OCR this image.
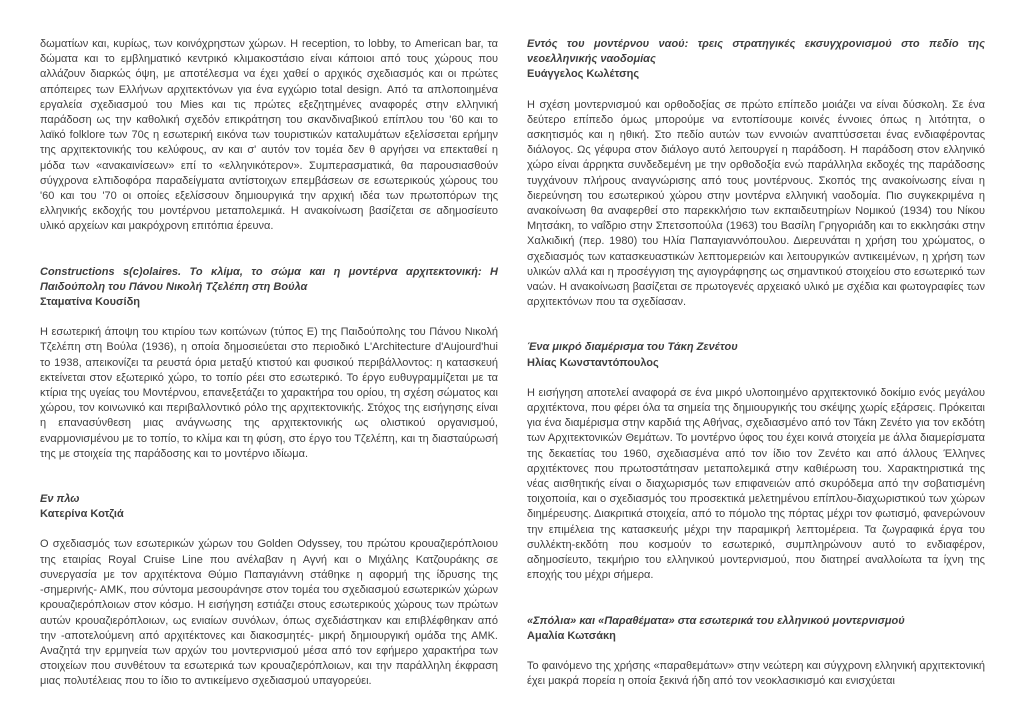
δωματίων και, κυρίως, των κοινόχρηστων χώρων. Η reception, το lobby, το American bar, τα δώματα και το εμβληματικό κεντρικό κλιμακοστάσιο είναι κάποιοι από τους χώρους που αλλάζουν διαρκώς όψη, με αποτέλεσμα να έχει χαθεί ο αρχικός σχεδιασμός και οι πρώτες απόπειρες των Ελλήνων αρχιτεκτόνων για ένα εγχώριο total design. Από τα απλοποιημένα εργαλεία σχεδιασμού του Mies και τις πρώτες εξεζητημένες αναφορές στην ελληνική παράδοση ως την καθολική σχεδόν επικράτηση του σκανδιναβικού επίπλου του '60 και το λαϊκό folklore των 70ς η εσωτερική εικόνα των τουριστικών καταλυμάτων εξελίσσεται ερήμην της αρχιτεκτονικής του κελύφους, αν και σ' αυτόν τον τομέα δεν θ αργήσει να επεκταθεί η μόδα των «ανακαινίσεων» επί το «ελληνικότερον». Συμπερασματικά, θα παρουσιασθούν σύγχρονα ελπιδοφόρα παραδείγματα αντίστοιχων επεμβάσεων σε εσωτερικούς χώρους του '60 και του '70 οι οποίες εξελίσσουν δημιουργικά την αρχική ιδέα των πρωτοπόρων της ελληνικής εκδοχής του μοντέρνου μεταπολεμικά. Η ανακοίνωση βασίζεται σε αδημοσίευτο υλικό αρχείων και μακρόχρονη επιτόπια έρευνα.

Constructions s(c)olaires. Το κλίμα, το σώμα και η μοντέρνα αρχιτεκτονική: Η Παιδούπολη του Πάνου Νικολή Τζελέπη στη Βούλα
Σταματίνα Κουσίδη

Η εσωτερική άποψη του κτιρίου των κοιτώνων (τύπος Ε) της Παιδούπολης του Πάνου Νικολή Τζελέπη στη Βούλα (1936), η οποία δημοσιεύεται στο περιοδικό L'Architecture d'Aujourd'hui το 1938, απεικονίζει τα ρευστά όρια μεταξύ κτιστού και φυσικού περιβάλλοντος: η κατασκευή εκτείνεται στον εξωτερικό χώρο, το τοπίο ρέει στο εσωτερικό. Το έργο ευθυγραμμίζεται με τα κτίρια της υγείας του Μοντέρνου, επανεξετάζει το χαρακτήρα του ορίου, τη σχέση σώματος και χώρου, τον κοινωνικό και περιβαλλοντικό ρόλο της αρχιτεκτονικής. Στόχος της εισήγησης είναι η επανασύνθεση μιας ανάγνωσης της αρχιτεκτονικής ως ολιστικού οργανισμού, εναρμονισμένου με το τοπίο, το κλίμα και τη φύση, στο έργο του Τζελέπη, και τη διασταύρωσή της με στοιχεία της παράδοσης και το μοντέρνο ιδίωμα.

Εν πλω
Κατερίνα Κοτζιά

Ο σχεδιασμός των εσωτερικών χώρων του Golden Odyssey, του πρώτου κρουαζιερόπλοιου της εταιρίας Royal Cruise Line που ανέλαβαν η Αγνή και ο Μιχάλης Κατζουράκης σε συνεργασία με τον αρχιτέκτονα Θύμιο Παπαγιάννη στάθηκε η αφορμή της ίδρυσης της -σημερινής- ΑΜΚ, που σύντομα μεσουράνησε στον τομέα του σχεδιασμού εσωτερικών χώρων κρουαζιερόπλοιων στον κόσμο. Η εισήγηση εστιάζει στους εσωτερικούς χώρους των πρώτων αυτών κρουαζιερόπλοιων, ως ενιαίων συνόλων, όπως σχεδιάστηκαν και επιβλέφθηκαν από την -αποτελούμενη από αρχιτέκτονες και διακοσμητές- μικρή δημιουργική ομάδα της ΑΜΚ. Αναζητά την ερμηνεία των αρχών του μοντερνισμού μέσα από τον εφήμερο χαρακτήρα των στοιχείων που συνθέτουν τα εσωτερικά των κρουαζιερόπλοιων, και την παράλληλη έκφραση μιας πολυτέλειας που το ίδιο το αντικείμενο σχεδιασμού υπαγορεύει.

Εντός του μοντέρνου ναού: τρεις στρατηγικές εκσυγχρονισμού στο πεδίο της νεοελληνικής ναοδομίας
Ευάγγελος Κωλέτσης

Η σχέση μοντερνισμού και ορθοδοξίας σε πρώτο επίπεδο μοιάζει να είναι δύσκολη. Σε ένα δεύτερο επίπεδο όμως μπορούμε να εντοπίσουμε κοινές έννοιες όπως η λιτότητα, ο ασκητισμός και η ηθική. Στο πεδίο αυτών των εννοιών αναπτύσσεται ένας ενδιαφέροντας διάλογος. Ως γέφυρα στον διάλογο αυτό λειτουργεί η παράδοση. Η παράδοση στον ελληνικό χώρο είναι άρρηκτα συνδεδεμένη με την ορθοδοξία ενώ παράλληλα εκδοχές της παράδοσης τυγχάνουν πλήρους αναγνώρισης από τους μοντέρνους. Σκοπός της ανακοίνωσης είναι η διερεύνηση του εσωτερικού χώρου στην μοντέρνα ελληνική ναοδομία. Πιο συγκεκριμένα η ανακοίνωση θα αναφερθεί στο παρεκκλήσιο των εκπαιδευτηρίων Νομικού (1934) του Νίκου Μητσάκη, το ναΐδριο στην Σπετσοπούλα (1963) του Βασίλη Γρηγοριάδη και το εκκλησάκι στην Χαλκιδική (περ. 1980) του Ηλία Παπαγιαννόπουλου. Διερευνάται η χρήση του χρώματος, ο σχεδιασμός των κατασκευαστικών λεπτομερειών και λειτουργικών αντικειμένων, η χρήση των υλικών αλλά και η προσέγγιση της αγιογράφησης ως σημαντικού στοιχείου στο εσωτερικό των ναών. Η ανακοίνωση βασίζεται σε πρωτογενές αρχειακό υλικό με σχέδια και φωτογραφίες των αρχιτεκτόνων που τα σχεδίασαν.

Ένα μικρό διαμέρισμα του Τάκη Ζενέτου
Ηλίας Κωνσταντόπουλος

Η εισήγηση αποτελεί αναφορά σε ένα μικρό υλοποιημένο αρχιτεκτονικό δοκίμιο ενός μεγάλου αρχιτέκτονα, που φέρει όλα τα σημεία της δημιουργικής του σκέψης χωρίς εξάρσεις. Πρόκειται για ένα διαμέρισμα στην καρδιά της Αθήνας, σχεδιασμένο από τον Τάκη Ζενέτο για τον εκδότη των Αρχιτεκτονικών Θεμάτων. Το μοντέρνο ύφος του έχει κοινά στοιχεία με άλλα διαμερίσματα της δεκαετίας του 1960, σχεδιασμένα από τον ίδιο τον Ζενέτο και από άλλους Έλληνες αρχιτέκτονες που πρωτοστάτησαν μεταπολεμικά στην καθιέρωση του. Χαρακτηριστικά της νέας αισθητικής είναι ο διαχωρισμός των επιφανειών από σκυρόδεμα από την σοβατισμένη τοιχοποιία, και ο σχεδιασμός του προσεκτικά μελετημένου επίπλου-διαχωριστικού των χώρων διημέρευσης. Διακριτικά στοιχεία, από το πόμολο της πόρτας μέχρι τον φωτισμό, φανερώνουν την επιμέλεια της κατασκευής μέχρι την παραμικρή λεπτομέρεια. Τα ζωγραφικά έργα του συλλέκτη-εκδότη που κοσμούν το εσωτερικό, συμπληρώνουν αυτό το ενδιαφέρον, αδημοσίευτο, τεκμήριο του ελληνικού μοντερνισμού, που διατηρεί αναλλοίωτα τα ίχνη της εποχής του μέχρι σήμερα.

«Σπόλια» και «Παραθέματα» στα εσωτερικά του ελληνικού μοντερνισμού
Αμαλία Κωτσάκη

Το φαινόμενο της χρήσης «παραθεμάτων» στην νεώτερη και σύγχρονη ελληνική αρχιτεκτονική έχει μακρά πορεία η οποία ξεκινά ήδη από τον νεοκλασικισμό και ενισχύεται
